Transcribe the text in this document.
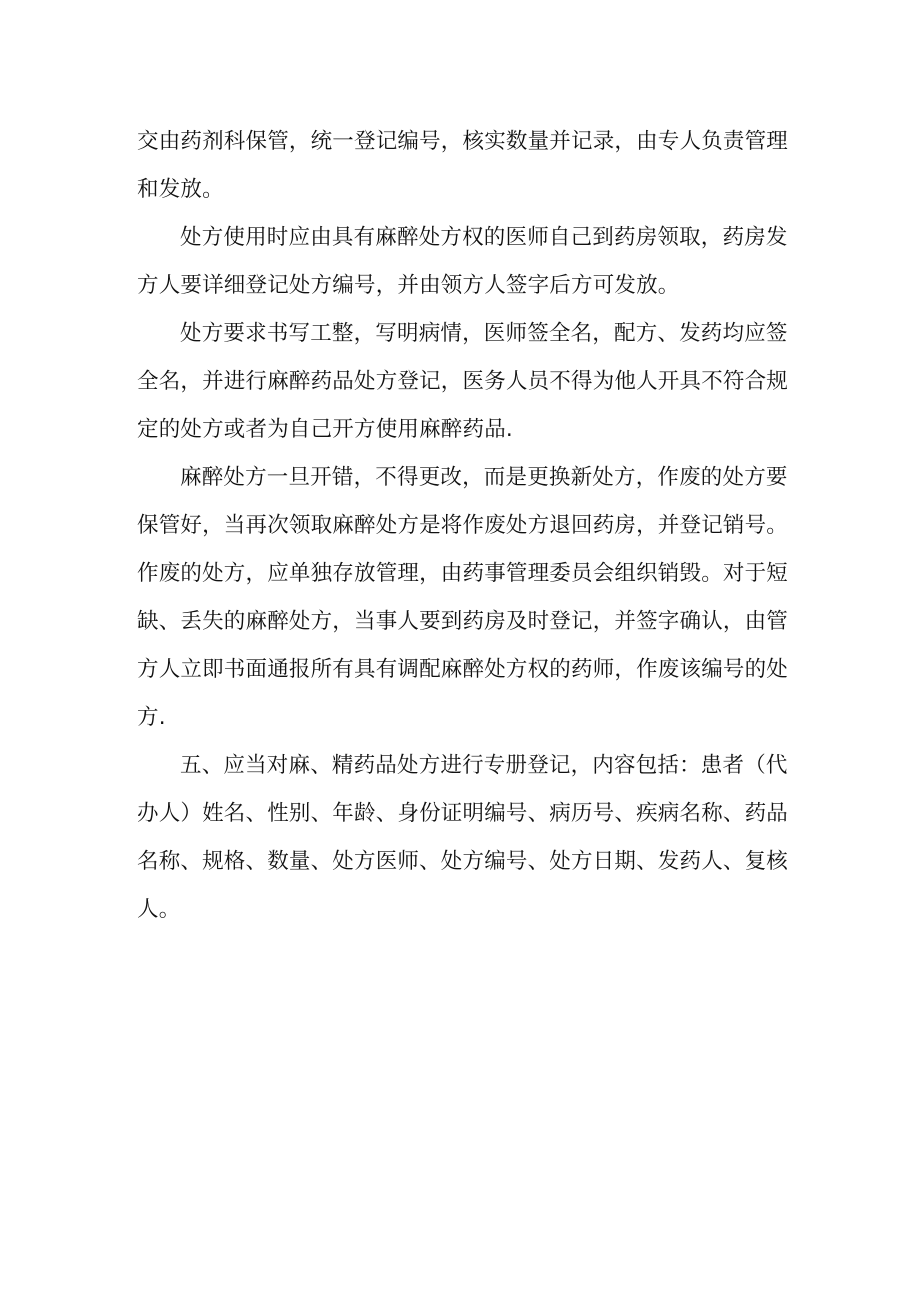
交由药剂科保管，统一登记编号，核实数量并记录，由专人负责管理
和发放。

处方使用时应由具有麻醉处方权的医师自己到药房领取，药房发
方人要详细登记处方编号，并由领方人签字后方可发放。

处方要求书写工整，写明病情，医师签全名，配方、发药均应签
全名，并进行麻醉药品处方登记，医务人员不得为他人开具不符合规
定的处方或者为自己开方使用麻醉药品.

麻醉处方一旦开错，不得更改，而是更换新处方，作废的处方要
保管好，当再次领取麻醉处方是将作废处方退回药房，并登记销号。
作废的处方，应单独存放管理，由药事管理委员会组织销毁。对于短
缺、丢失的麻醉处方，当事人要到药房及时登记，并签字确认，由管
方人立即书面通报所有具有调配麻醉处方权的药师，作废该编号的处
方.

五、应当对麻、精药品处方进行专册登记，内容包括：患者（代
办人）姓名、性别、年龄、身份证明编号、病历号、疾病名称、药品
名称、规格、数量、处方医师、处方编号、处方日期、发药人、复核
人。
